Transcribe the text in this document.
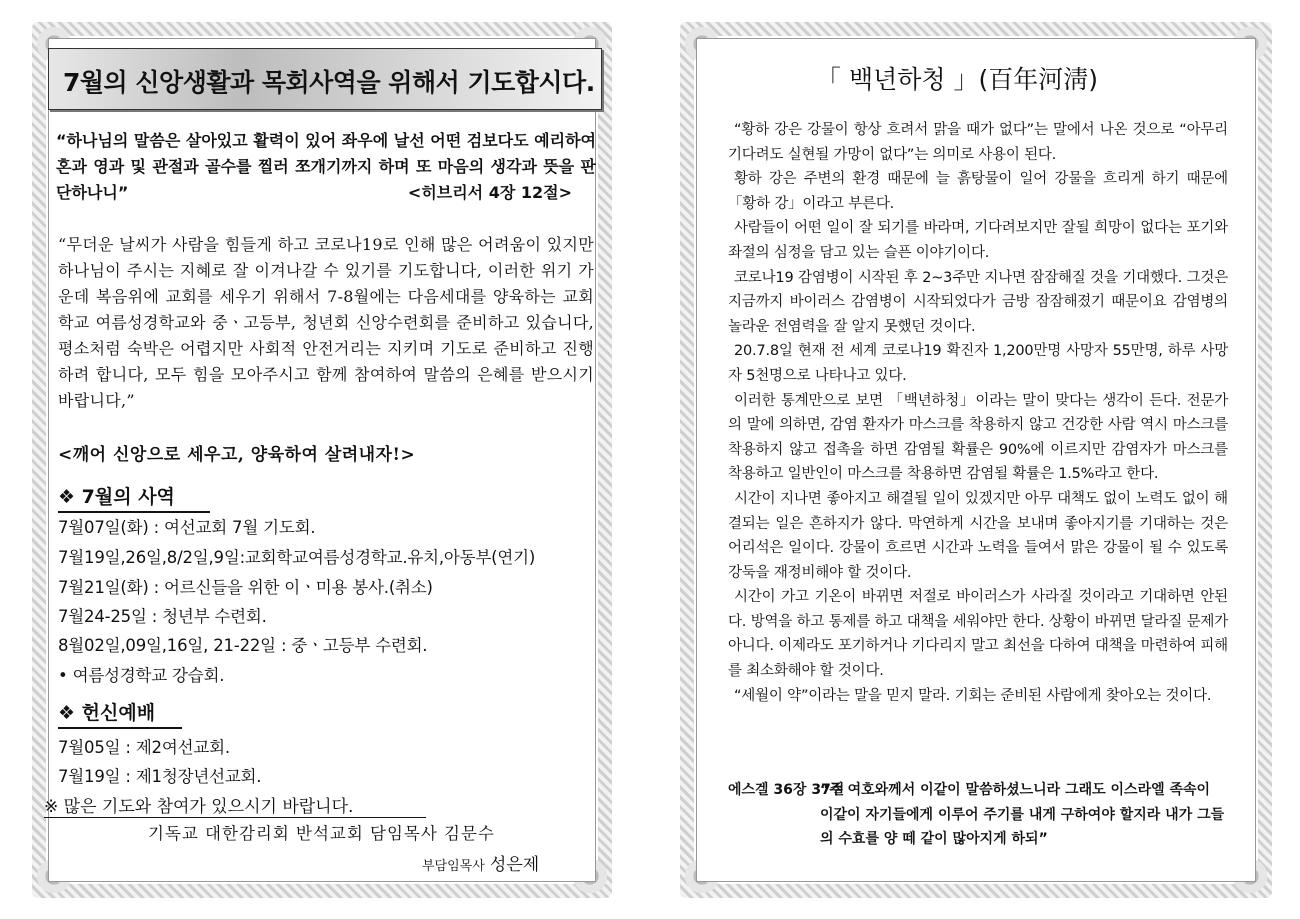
7월의 신앙생활과 목회사역을 위해서 기도합시다.
“하나님의 말씀은 살아있고 활력이 있어 좌우에 날선 어떤 검보다도 예리하여 혼과 영과 및 관절과 골수를 찔러 쪼개기까지 하며 또 마음의 생각과 뜻을 판단하나니”	<히브리서 4장 12절>
“무더운 날씨가 사람을 힘들게 하고 코로나19로 인해 많은 어려움이 있지만 하나님이 주시는 지혜로 잘 이겨나갈 수 있기를 기도합니다, 이러한 위기 가운데 복음위에 교회를 세우기 위해서 7-8월에는 다음세대를 양육하는 교회학교 여름성경학교와 중ㆍ고등부, 청년회 신앙수련회를 준비하고 있습니다, 평소처럼 숙박은 어렵지만 사회적 안전거리는 지키며 기도로 준비하고 진행하려 합니다, 모두 힘을 모아주시고 함께 참여하여 말씀의 은혜를 받으시기 바랍니다,”
<깨어 신앙으로 세우고, 양육하여 살려내자!>
❖ 7월의 사역
7월07일(화) : 여선교회 7월 기도회.
7월19일,26일,8/2일,9일:교회학교여름성경학교.유치,아동부(연기)
7월21일(화) : 어르신들을 위한 이ㆍ미용 봉사.(취소)
7월24-25일 : 청년부 수련회.
8월02일,09일,16일, 21-22일 : 중ㆍ고등부 수련회.
• 여름성경학교 강습회.
❖ 헌신예배
7월05일 : 제2여선교회.
7월19일 : 제1청장년선교회.
※ 많은 기도와 참여가 있으시기 바랍니다.
기독교 대한감리회 반석교회 담임목사 김문수
부담임목사 성은제
「 백년하청 」(百年河淸)

“황하 강은 강물이 항상 흐려서 맑을 때가 없다”는 말에서 나온 것으로 “아무리 기다려도 실현될 가망이 없다”는 의미로 사용이 된다.

황하 강은 주변의 환경 때문에 늘 흙탕물이 일어 강물을 흐리게 하기 때문에 「황하 강」이라고 부른다.

사람들이 어떤 일이 잘 되기를 바라며, 기다려보지만 잘될 희망이 없다는 포기와 좌절의 심정을 담고 있는 슬픈 이야기이다.

코로나19 감염병이 시작된 후 2~3주만 지나면 잠잠해질 것을 기대했다. 그것은 지금까지 바이러스 감염병이 시작되었다가 금방 잠잠해졌기 때문이요 감염병의 놀라운 전염력을 잘 알지 못했던 것이다.

20.7.8일 현재 전 세계 코로나19 확진자 1,200만명 사망자 55만명, 하루 사망자 5천명으로 나타나고 있다.

이러한 통계만으로 보면 「백년하청」이라는 말이 맞다는 생각이 든다. 전문가의 말에 의하면, 감염 환자가 마스크를 착용하지 않고 건강한 사람 역시 마스크를 착용하지 않고 접촉을 하면 감염될 확률은 90%에 이르지만 감염자가 마스크를 착용하고 일반인이 마스크를 착용하면 감염될 확률은 1.5%라고 한다.

시간이 지나면 좋아지고 해결될 일이 있겠지만 아무 대책도 없이 노력도 없이 해결되는 일은 흔하지가 않다. 막연하게 시간을 보내며 좋아지기를 기대하는 것은 어리석은 일이다. 강물이 흐르면 시간과 노력을 들여서 맑은 강물이 될 수 있도록 강둑을 재정비해야 할 것이다.

시간이 가고 기온이 바뀌면 저절로 바이러스가 사라질 것이라고 기대하면 안된다. 방역을 하고 통제를 하고 대책을 세워야만 한다. 상황이 바뀌면 달라질 문제가 아니다. 이제라도 포기하거나 기다리지 말고 최선을 다하여 대책을 마련하여 피해를 최소화해야 할 것이다.

“세월이 약”이라는 말을 믿지 말라. 기회는 준비된 사람에게 찾아오는 것이다.

에스겔 36장 37절
“주 여호와께서 이같이 말씀하셨느니라 그래도 이스라엘 족속이 이같이 자기들에게 이루어 주기를 내게 구하여야 할지라 내가 그들의 수효를 양 떼 같이 많아지게 하되”
